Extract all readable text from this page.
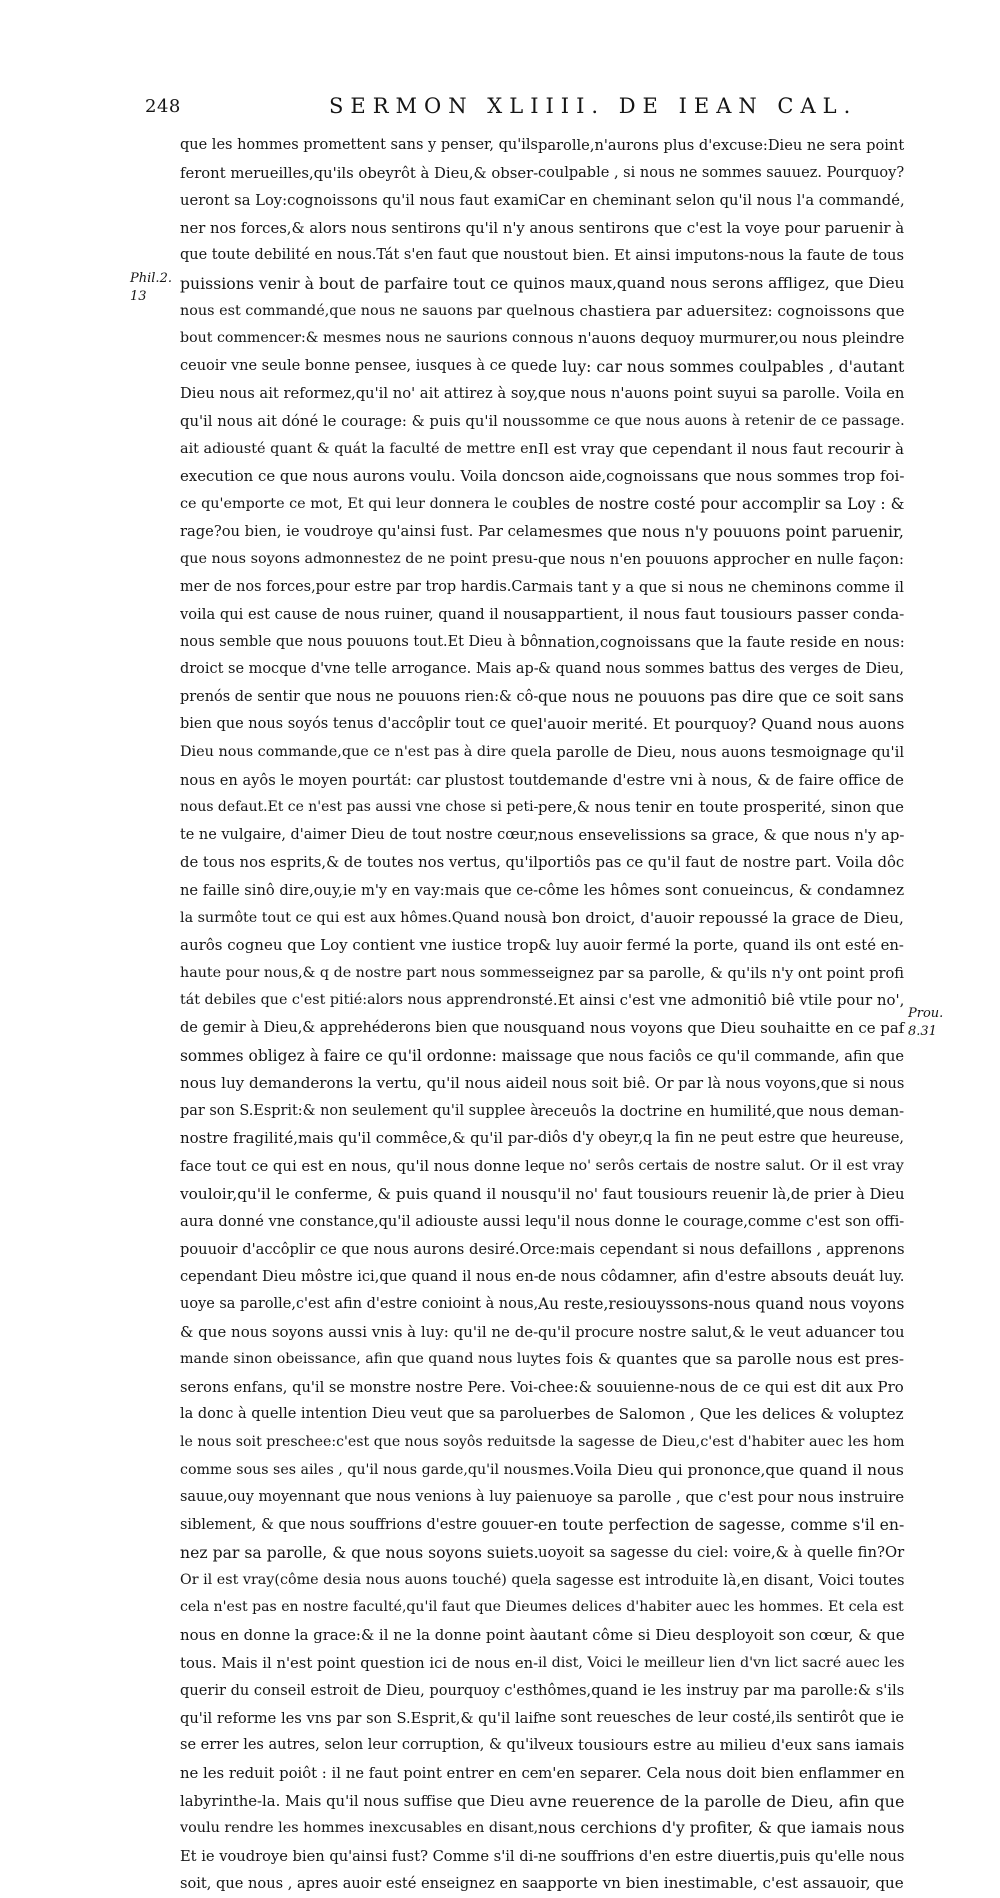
248	SERMON XLIIII. DE IEAN CAL.
Phil.2.
13
Prou.
8.31
que les hommes promettent sans y penser, qu'ils
feront merueilles,qu'ils obeyrôt à Dieu,& obser-
ueront sa Loy:cognoissons qu'il nous faut exami
ner nos forces,& alors nous sentirons qu'il n'y a
que toute debilité en nous.Tát s'en faut que nous
puissions venir à bout de parfaire tout ce qui
nous est commandé,que nous ne sauons par quel
bout commencer:& mesmes nous ne saurions con
ceuoir vne seule bonne pensee, iusques à ce que
Dieu nous ait reformez,qu'il no' ait attirez à soy,
qu'il nous ait dóné le courage: & puis qu'il nous
ait adiousté quant & quát la faculté de mettre en
execution ce que nous aurons voulu. Voila donc
ce qu'emporte ce mot, Et qui leur donnera le cou
rage?ou bien, ie voudroye qu'ainsi fust. Par cela
que nous soyons admonnestez de ne point presu-
mer de nos forces,pour estre par trop hardis.Car
voila qui est cause de nous ruiner, quand il nous
nous semble que nous pouuons tout.Et Dieu à bô
droict se mocque d'vne telle arrogance. Mais ap-
prenós de sentir que nous ne pouuons rien:& cô-
bien que nous soyós tenus d'accôplir tout ce que
Dieu nous commande,que ce n'est pas à dire que
nous en ayôs le moyen pourtát: car plustost tout
nous defaut.Et ce n'est pas aussi vne chose si peti-
te ne vulgaire, d'aimer Dieu de tout nostre cœur,
de tous nos esprits,& de toutes nos vertus, qu'il
ne faille sinô dire,ouy,ie m'y en vay:mais que ce-
la surmôte tout ce qui est aux hômes.Quand nous
aurôs cogneu que Loy contient vne iustice trop
haute pour nous,& q de nostre part nous sommes
tát debiles que c'est pitié:alors nous apprendrons
de gemir à Dieu,& apprehéderons bien que nous
sommes obligez à faire ce qu'il ordonne: mais
nous luy demanderons la vertu, qu'il nous aide
par son S.Esprit:& non seulement qu'il supplee à
nostre fragilité,mais qu'il commêce,& qu'il par-
face tout ce qui est en nous, qu'il nous donne le
vouloir,qu'il le conferme, & puis quand il nous
aura donné vne constance,qu'il adiouste aussi le
pouuoir d'accôplir ce que nous aurons desiré.Or
cependant Dieu môstre ici,que quand il nous en-
uoye sa parolle,c'est afin d'estre conioint à nous,
& que nous soyons aussi vnis à luy: qu'il ne de-
mande sinon obeissance, afin que quand nous luy
serons enfans, qu'il se monstre nostre Pere. Voi-
la donc à quelle intention Dieu veut que sa parol
le nous soit preschee:c'est que nous soyôs reduits
comme sous ses ailes , qu'il nous garde,qu'il nous
sauue,ouy moyennant que nous venions à luy pai
siblement, & que nous souffrions d'estre gouuer-
nez par sa parolle, & que nous soyons suiets.
Or il est vray(côme desia nous auons touché) que
cela n'est pas en nostre faculté,qu'il faut que Dieu
nous en donne la grace:& il ne la donne point à
tous. Mais il n'est point question ici de nous en-
querir du conseil estroit de Dieu, pourquoy c'est
qu'il reforme les vns par son S.Esprit,& qu'il laif
se errer les autres, selon leur corruption, & qu'il
ne les reduit poiôt : il ne faut point entrer en ce
labyrinthe-la. Mais qu'il nous suffise que Dieu a
voulu rendre les hommes inexcusables en disant,
Et ie voudroye bien qu'ainsi fust? Comme s'il di-
soit, que nous , apres auoir esté enseignez en sa
parolle,n'aurons plus d'excuse:Dieu ne sera point
coulpable , si nous ne sommes sauuez. Pourquoy?
Car en cheminant selon qu'il nous l'a commandé,
nous sentirons que c'est la voye pour paruenir à
tout bien. Et ainsi imputons-nous la faute de tous
nos maux,quand nous serons affligez, que Dieu
nous chastiera par aduersitez: cognoissons que
nous n'auons dequoy murmurer,ou nous pleindre
de luy: car nous sommes coulpables , d'autant
que nous n'auons point suyui sa parolle. Voila en
somme ce que nous auons à retenir de ce passage.
Il est vray que cependant il nous faut recourir à
son aide,cognoissans que nous sommes trop foi-
bles de nostre costé pour accomplir sa Loy : &
mesmes que nous n'y pouuons point paruenir,
que nous n'en pouuons approcher en nulle façon:
mais tant y a que si nous ne cheminons comme il
appartient, il nous faut tousiours passer conda-
nnation,cognoissans que la faute reside en nous:
& quand nous sommes battus des verges de Dieu,
que nous ne pouuons pas dire que ce soit sans
l'auoir merité. Et pourquoy? Quand nous auons
la parolle de Dieu, nous auons tesmoignage qu'il
demande d'estre vni à nous, & de faire office de
pere,& nous tenir en toute prosperité, sinon que
nous ensevelissions sa grace, & que nous n'y ap-
portiôs pas ce qu'il faut de nostre part. Voila dôc
côme les hômes sont conueincus, & condamnez
à bon droict, d'auoir repoussé la grace de Dieu,
& luy auoir fermé la porte, quand ils ont esté en-
seignez par sa parolle, & qu'ils n'y ont point profi
té.Et ainsi c'est vne admonitiô biê vtile pour no',
quand nous voyons que Dieu souhaitte en ce paf
sage que nous faciôs ce qu'il commande, afin que
il nous soit biê. Or par là nous voyons,que si nous
receuôs la doctrine en humilité,que nous deman-
diôs d'y obeyr,q la fin ne peut estre que heureuse,
que no' serôs certais de nostre salut. Or il est vray
qu'il no' faut tousiours reuenir là,de prier à Dieu
qu'il nous donne le courage,comme c'est son offi-
ce:mais cependant si nous defaillons , apprenons
de nous côdamner, afin d'estre absouts deuát luy.
Au reste,resiouyssons-nous quand nous voyons
qu'il procure nostre salut,& le veut aduancer tou
tes fois & quantes que sa parolle nous est pres-
chee:& souuienne-nous de ce qui est dit aux Pro
uerbes de Salomon , Que les delices & voluptez
de la sagesse de Dieu,c'est d'habiter auec les hom
mes.Voila Dieu qui prononce,que quand il nous
enuoye sa parolle , que c'est pour nous instruire
en toute perfection de sagesse, comme s'il en-
uoyoit sa sagesse du ciel: voire,& à quelle fin?Or
la sagesse est introduite là,en disant, Voici toutes
mes delices d'habiter auec les hommes. Et cela est
autant côme si Dieu desployoit son cœur, & que
il dist, Voici le meilleur lien d'vn lict sacré auec les
hômes,quand ie les instruy par ma parolle:& s'ils
ne sont reuesches de leur costé,ils sentirôt que ie
veux tousiours estre au milieu d'eux sans iamais
m'en separer. Cela nous doit bien enflammer en
vne reuerence de la parolle de Dieu, afin que
nous cerchions d'y profiter, & que iamais nous
ne souffrions d'en estre diuertis,puis qu'elle nous
apporte vn bien inestimable, c'est assauoir, que
